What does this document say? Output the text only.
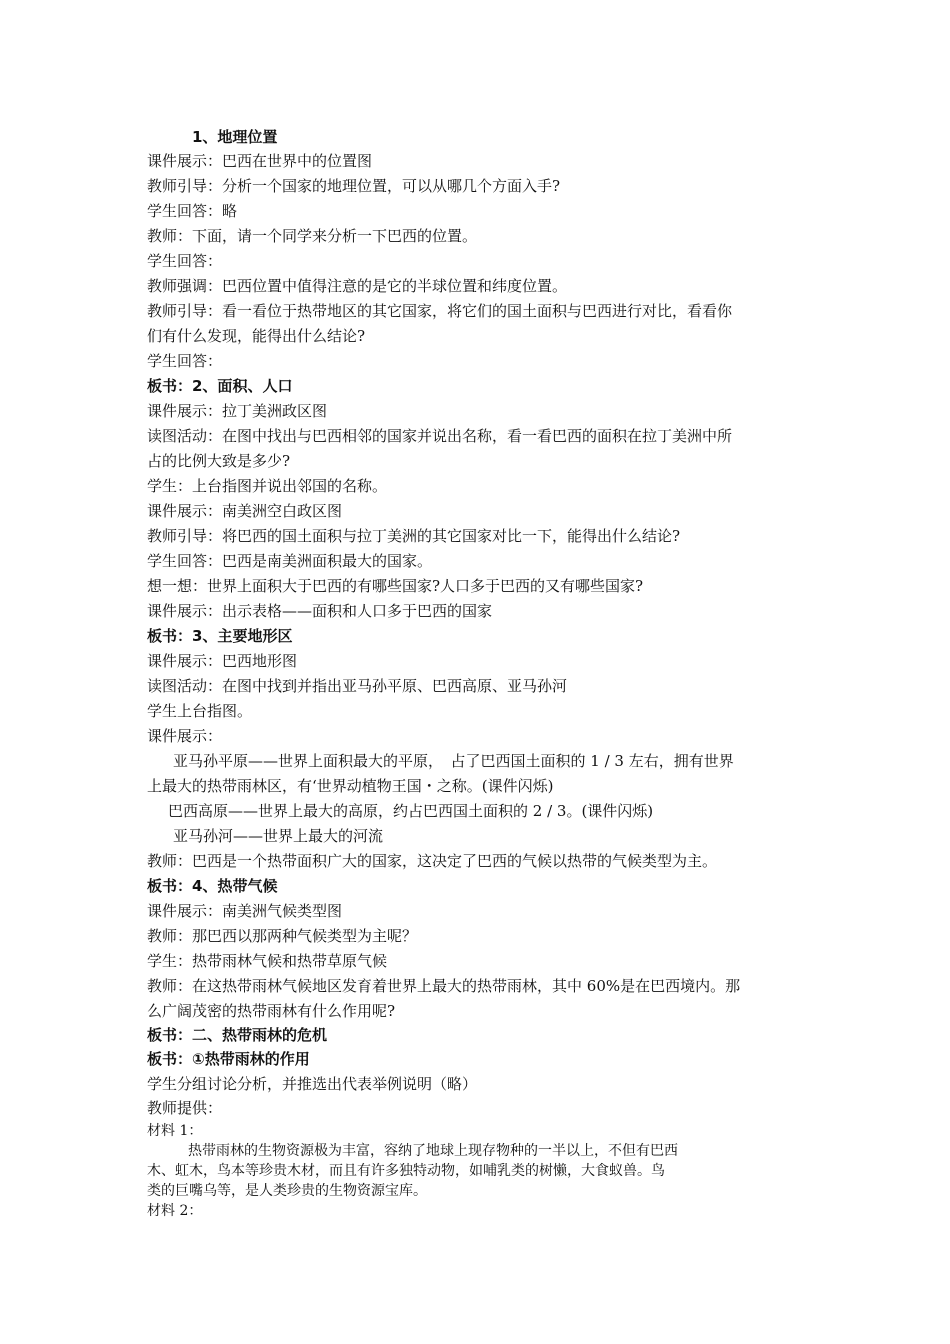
1、地理位置
课件展示：巴西在世界中的位置图
教师引导：分析一个国家的地理位置，可以从哪几个方面入手?
学生回答：略
教师：下面，请一个同学来分析一下巴西的位置。
学生回答：
教师强调：巴西位置中值得注意的是它的半球位置和纬度位置。
教师引导：看一看位于热带地区的其它国家，将它们的国土面积与巴西进行对比，看看你
们有什么发现，能得出什么结论?
学生回答：
板书：2、面积、人口
课件展示：拉丁美洲政区图
读图活动：在图中找出与巴西相邻的国家并说出名称，看一看巴西的面积在拉丁美洲中所
占的比例大致是多少?
学生：上台指图并说出邻国的名称。
课件展示：南美洲空白政区图
教师引导：将巴西的国土面积与拉丁美洲的其它国家对比一下，能得出什么结论?
学生回答：巴西是南美洲面积最大的国家。
想一想：世界上面积大于巴西的有哪些国家?人口多于巴西的又有哪些国家?
课件展示：出示表格——面积和人口多于巴西的国家
板书：3、主要地形区
课件展示：巴西地形图
读图活动：在图中找到并指出亚马孙平原、巴西高原、亚马孙河
学生上台指图。
课件展示：
亚马孙平原——世界上面积最大的平原，　占了巴西国土面积的 1 / 3 左右，拥有世界
上最大的热带雨林区，有‘世界动植物王国・之称。(课件闪烁)
巴西高原——世界上最大的高原，约占巴西国土面积的 2 / 3。(课件闪烁)
亚马孙河——世界上最大的河流
教师：巴西是一个热带面积广大的国家，这决定了巴西的气候以热带的气候类型为主。
板书：4、热带气候
课件展示：南美洲气候类型图
教师：那巴西以那两种气候类型为主呢？
学生：热带雨林气候和热带草原气候
教师：在这热带雨林气候地区发育着世界上最大的热带雨林，其中 60%是在巴西境内。那
么广阔茂密的热带雨林有什么作用呢?
板书：二、热带雨林的危机
板书：①热带雨林的作用
学生分组讨论分析，并推选出代表举例说明（略）
教师提供：
材料 1：
热带雨林的生物资源极为丰富，容纳了地球上现存物种的一半以上，不但有巴西
木、虹木，鸟本等珍贵木材，而且有许多独特动物，如哺乳类的树懒，大食蚁兽。鸟
类的巨嘴乌等，是人类珍贵的生物资源宝库。
材料 2：
